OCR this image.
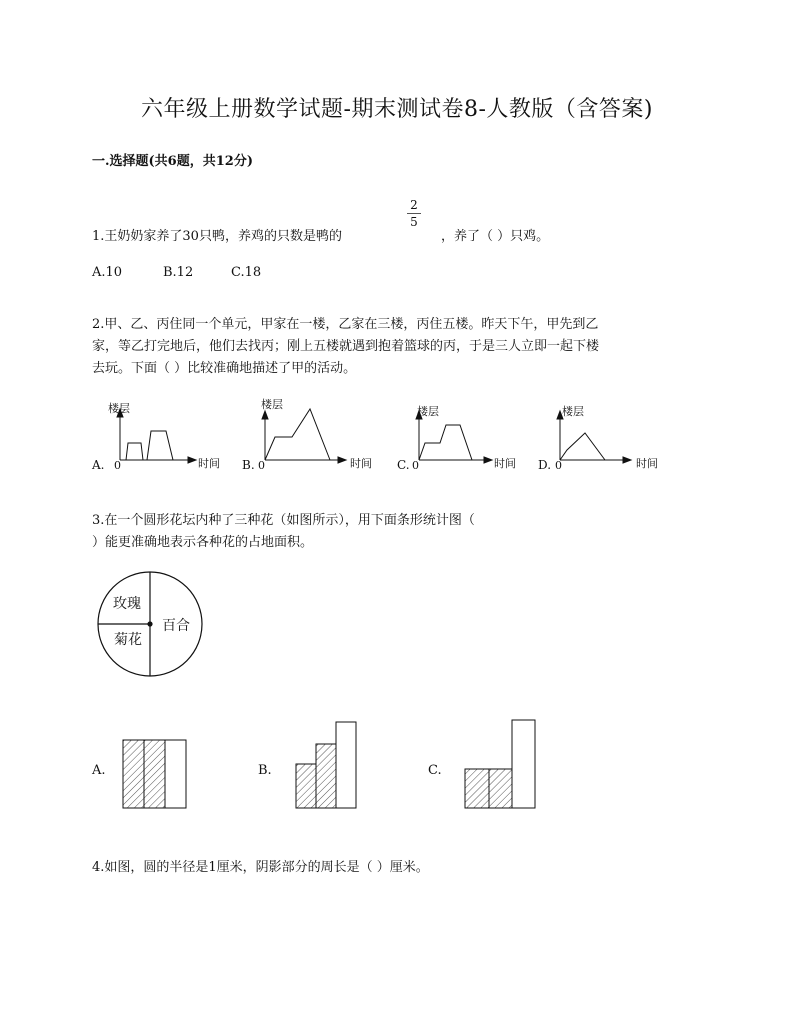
六年级上册数学试题-期末测试卷8-人教版（含答案)
一.选择题(共6题，共12分)
1.王奶奶家养了30只鸭，养鸡的只数是鸭的
2
5
，养了（ ）只鸡。
A.10	B.12	C.18
2.甲、乙、丙住同一个单元，甲家在一楼，乙家在三楼，丙住五楼。昨天下午，甲先到乙
家，等乙打完地后，他们去找丙；刚上五楼就遇到抱着篮球的丙，于是三人立即一起下楼
去玩。下面（ ）比较准确地描述了甲的活动。
楼层
0	时间
A.
楼层
0	时间
B.
楼层
0	时间
C.
楼层
0	时间
D.
3.在一个圆形花坛内种了三种花（如图所示），用下面条形统计图（
）能更准确地表示各种花的占地面积。
玫瑰
菊花
百合
A.	B.	C.
4.如图，圆的半径是1厘米，阴影部分的周长是（ ）厘米。
